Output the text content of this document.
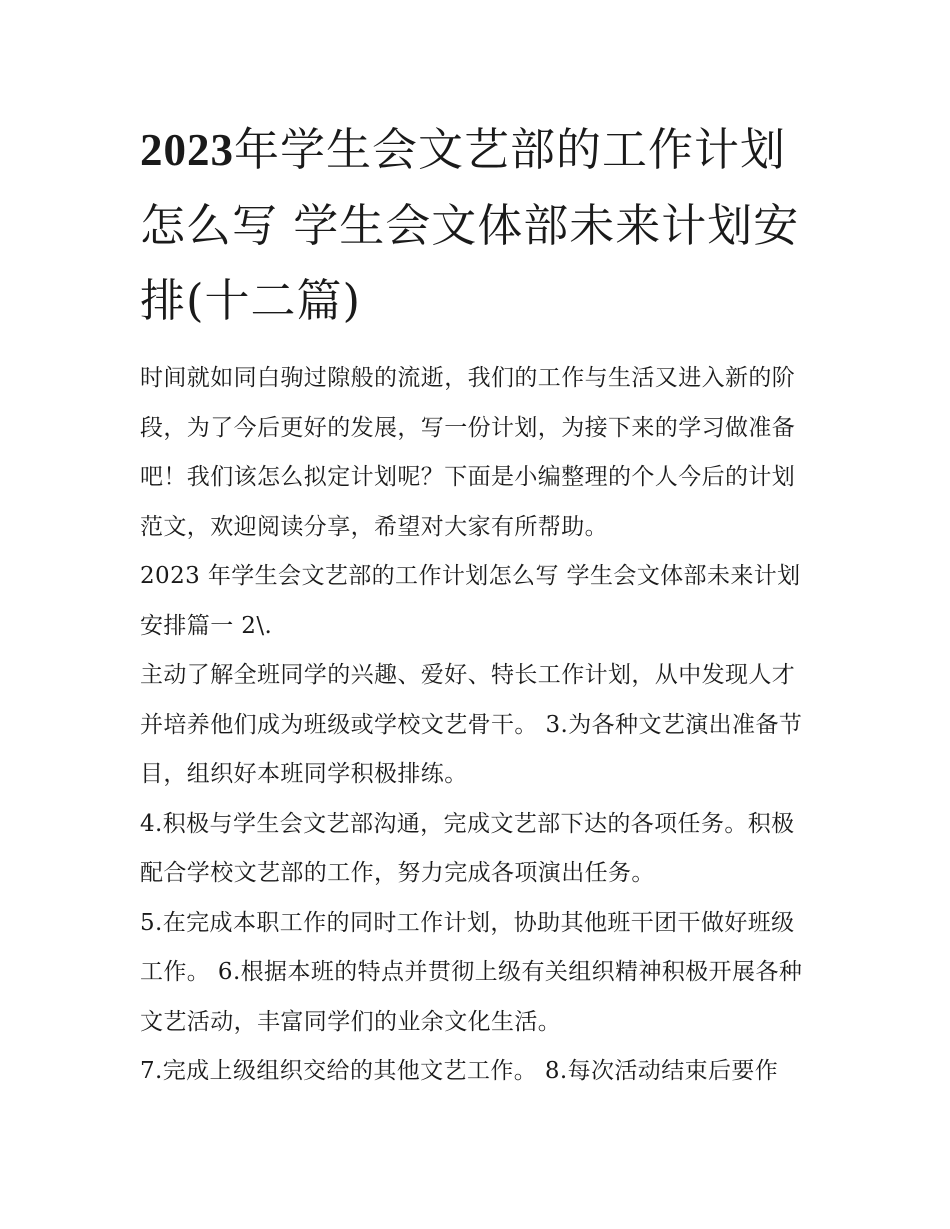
2023年学生会文艺部的工作计划怎么写 学生会文体部未来计划安排(十二篇)

时间就如同白驹过隙般的流逝，我们的工作与生活又进入新的阶段，为了今后更好的发展，写一份计划，为接下来的学习做准备吧！我们该怎么拟定计划呢？下面是小编整理的个人今后的计划范文，欢迎阅读分享，希望对大家有所帮助。

2023 年学生会文艺部的工作计划怎么写 学生会文体部未来计划安排篇一 2\.

主动了解全班同学的兴趣、爱好、特长工作计划，从中发现人才并培养他们成为班级或学校文艺骨干。 3.为各种文艺演出准备节目，组织好本班同学积极排练。

4.积极与学生会文艺部沟通，完成文艺部下达的各项任务。积极配合学校文艺部的工作，努力完成各项演出任务。

5.在完成本职工作的同时工作计划，协助其他班干团干做好班级工作。 6.根据本班的特点并贯彻上级有关组织精神积极开展各种文艺活动，丰富同学们的业余文化生活。

7.完成上级组织交给的其他文艺工作。 8.每次活动结束后要作
